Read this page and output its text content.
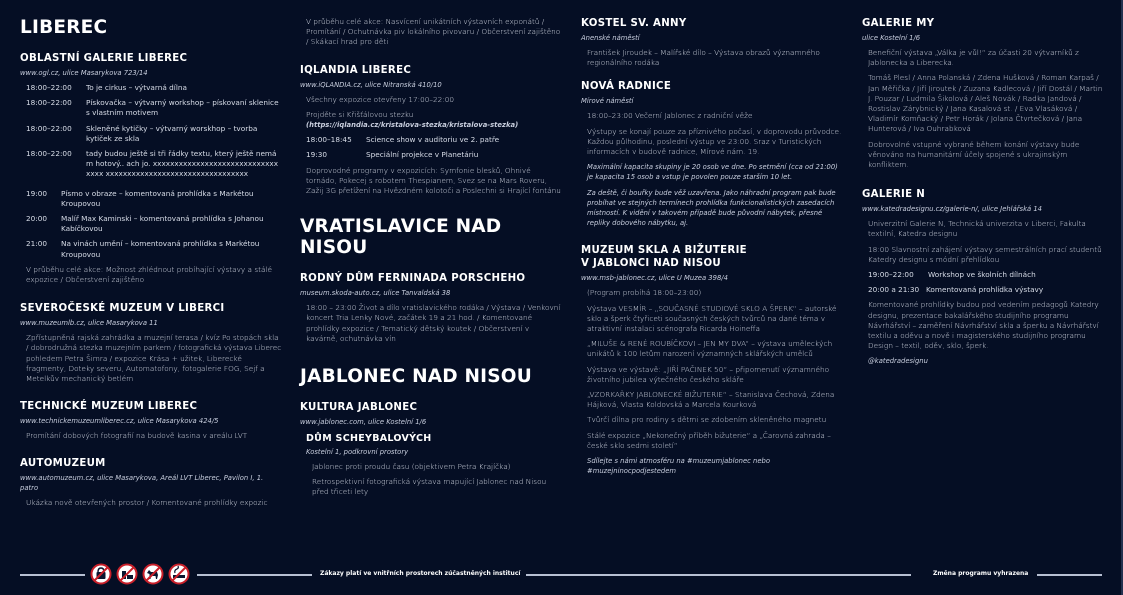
LIBEREC
OBLASTNÍ GALERIE LIBEREC
www.ogl.cz, ulice Masarykova 723/14
18:00–22:00	To je cirkus – výtvarná dílna
18:00–22:00	Pískovačka – výtvarný workshop – pískovaní sklenice s vlastním motivem
18:00–22:00	Skleněné kytičky – výtvarný worskhop – tvorba kytiček ze skla
18:00–22:00	tady budou ještě si tři řádky textu, který ještě nemám hotový.. ach jo. xxxxxxxxxxxxxxxxxxxxxxxxxxxxxxxxx xxxxxxxxxxxxxxxxxxxxxxxxxxxxxxxxx
19:00	Písmo v obraze – komentovaná prohlídka s Markétou Kroupovou
20:00	Malíř Max Kaminski – komentovaná prohlídka s Johanou Kabíčkovou
21:00	Na vinách umění – komentovaná prohlídka s Markétou Kroupovou
V průběhu celé akce: Možnost zhlédnout probíhající výstavy a stálé expozice / Občerstvení zajištěno
SEVEROČESKÉ MUZEUM V LIBERCI
www.muzeumlb.cz, ulice Masarykova 11
Zpřístupněná rajská zahrádka a muzejní terasa / kvíz Po stopách skla / dobrodružná stezka muzejním parkem / fotografická výstava Liberec pohledem Petra Šimra / expozice Krása + užitek, Liberecké fragmenty, Doteky severu, Automatofony, fotogalerie FOG, Sejf a Metelkův mechanický betlém
TECHNICKÉ MUZEUM LIBEREC
www.technickemuzeumliberec.cz, ulice Masarykova 424/5
Promítání dobových fotografií na budově kasina v areálu LVT
AUTOMUZEUM
www.automuzeum.cz, ulice Masarykova, Areál LVT Liberec, Pavilon I, 1. patro
Ukázka nově otevřených prostor / Komentované prohlídky expozic
V průběhu celé akce: Nasvícení unikátních výstavních exponátů / Promítání / Ochutnávka piv lokálního pivovaru / Občerstvení zajištěno / Skákací hrad pro děti
IQLANDIA LIBEREC
www.iQLANDIA.cz, ulice Nitranská 410/10
Všechny expozice otevřeny 17:00–22:00
Projděte si Křišťálovou stezku
(https://iqlandia.cz/kristalova-stezka/kristalova-stezka)
18:00–18:45	Science show v auditoriu ve 2. patře
19:30	Speciální projekce v Planetáriu
Doprovodné programy v expozicích: Symfonie blesků, Ohnivé tornádo, Pokecej s robotem Thespianem, Svez se na Mars Roveru, Zažij 3G přetížení na Hvězdném kolotoči a Poslechni si Hrající fontánu
VRATISLAVICE NAD NISOU
RODNÝ DŮM FERNINADA PORSCHEHO
museum.skoda-auto.cz, ulice Tanvaldská 38
18:00 – 23:00 Život a dílo vratislavického rodáka / Výstava / Venkovní koncert Tria Lenky Nové, začátek 19 a 21 hod. / Komentované prohlídky expozice / Tematický dětský koutek / Občerstvení v kavárně, ochutnávka vín
JABLONEC NAD NISOU
KULTURA JABLONEC
www.jablonec.com, ulice Kostelní 1/6
DŮM SCHEYBALOVÝCH
Kostelní 1, podkrovní prostory
Jablonec proti proudu času (objektivem Petra Krajíčka)
Retrospektivní fotografická výstava mapující Jablonec nad Nisou před třiceti lety
KOSTEL SV. ANNY
Anenské náměstí
František Jiroudek – Malířské dílo – Výstava obrazů významného regionálního rodáka
NOVÁ RADNICE
Mírové náměstí
18:00–23:00 Večerní Jablonec z radniční věže
Výstupy se konají pouze za příznivého počasí, v doprovodu průvodce. Každou půlhodinu, poslední výstup ve 23:00. Sraz v Turistických informacích v budově radnice, Mírové nám. 19.
Maximální kapacita skupiny je 20 osob ve dne. Po setmění (cca od 21:00) je kapacita 15 osob a vstup je povolen pouze starším 10 let.
Za deště, či bouřky bude věž uzavřena. Jako náhradní program pak bude probíhat ve stejných termínech prohlídka funkcionalistických zasedacích místností. K vidění v takovém případě bude původní nábytek, přesné repliky dobového nábytku, aj.
MUZEUM SKLA A BIŽUTERIE
V JABLONCI NAD NISOU
www.msb-jablonec.cz, ulice U Muzea 398/4
(Program probíhá 18:00–23:00)
Výstava VESMÍR – „SOUČASNÉ STUDIOVÉ SKLO A ŠPERK“ – autorské sklo a šperk čtyřiceti současných českých tvůrců na dané téma v atraktivní instalaci scénografa Ricarda Hoineffa
„MILUŠE & RENÉ ROUBÍČKOVI – JEN MY DVA“ – výstava uměleckých unikátů k 100 letům narození významných sklářských umělců
Výstava ve výstavě: „JIŘÍ PAČINEK 50“ – připomenutí významného životního jubilea výtečného českého skláře
„VZORKAŘKY JABLONECKÉ BIŽUTERIE“ – Stanislava Čechová, Zdena Hájková, Vlasta Koldovská a Marcela Kourková
Tvůrčí dílna pro rodiny s dětmi se zdobením skleněného magnetu
Stálé expozice „Nekonečný příběh bižuterie“ a „Čarovná zahrada – české sklo sedmi století“
Sdílejte s námi atmosféru na #muzeumjablonec nebo #muzejninocpodjestedem
GALERIE MY
ulice Kostelní 1/6
Benefiční výstava „Válka je vůl!“ za účasti 20 výtvarníků z Jablonecka a Liberecka.
Tomáš Plesl / Anna Polanská / Zdena Hušková / Roman Karpaš / Jan Měřička / Jiří Jiroutek / Zuzana Kadlecová / Jiří Dostál / Martin J. Pouzar / Ludmila Šikolová / Aleš Novák / Radka Jandová / Rostislav Zárybnický / Jana Kasalová st. / Eva Vlasáková / Vladimír Komňacký / Petr Horák / Jolana Čtvrtečková / Jana Hunterová / Iva Ouhrabková
Dobrovolné vstupné vybrané během konání výstavy bude věnováno na humanitární účely spojené s ukrajinským konfliktem.
GALERIE N
www.katedradesignu.cz/galerie-n/, ulice Jehlářská 14
Univerzitní Galerie N, Technická univerzita v Liberci, Fakulta textilní, Katedra designu
18:00 Slavnostní zahájení výstavy semestrálních prací studentů Katedry designu s módní přehlídkou
19:00–22:00	Workshop ve školních dílnách
20:00 a 21:30 Komentovaná prohlídka výstavy
Komentované prohlídky budou pod vedením pedagogů Katedry designu, prezentace bakalářského studijního programu Návrhářství – zaměření Návrhářství skla a šperku a Návrhářství textilu a oděvu a nově i magisterského studijního programu Design – textil, oděv, sklo, šperk.
@katedradesignu
Zákazy platí ve vnitřních prostorech zúčastněných institucí	Změna programu vyhrazena
